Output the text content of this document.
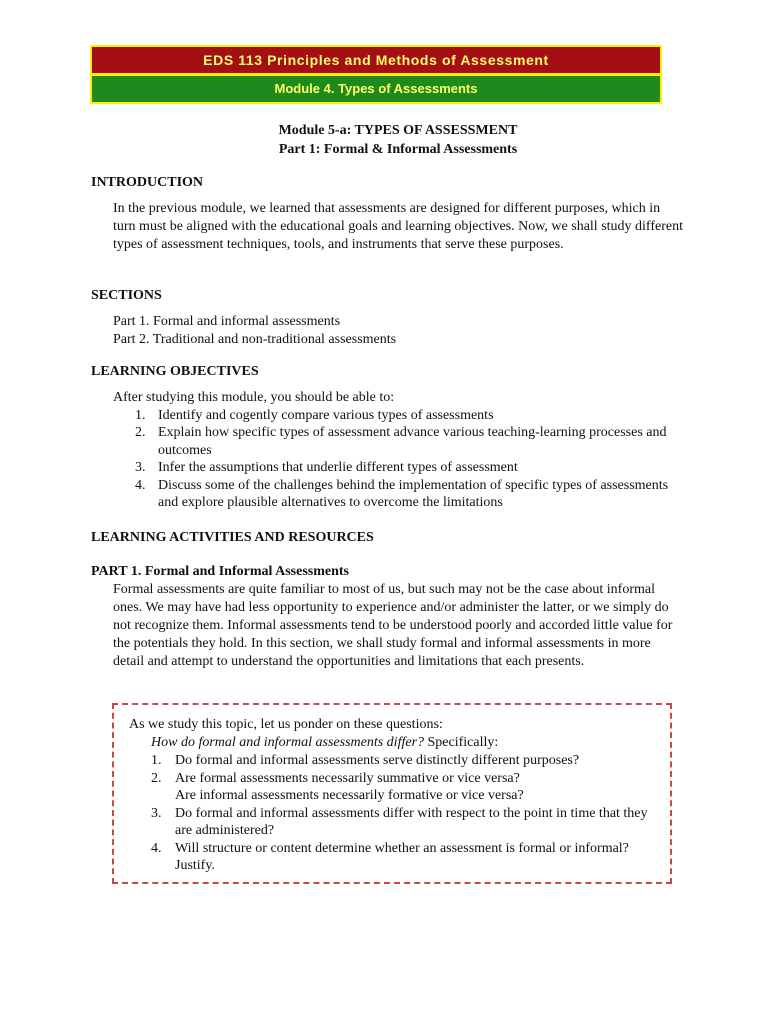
EDS 113 Principles and Methods of Assessment
Module 4. Types of Assessments
Module 5-a: TYPES OF ASSESSMENT
Part 1: Formal & Informal Assessments
INTRODUCTION
In the previous module, we learned that assessments are designed for different purposes, which in turn must be aligned with the educational goals and learning objectives. Now, we shall study different types of assessment techniques, tools, and instruments that serve these purposes.
SECTIONS
Part 1. Formal and informal assessments
Part 2. Traditional and non-traditional assessments
LEARNING OBJECTIVES
After studying this module, you should be able to:
1. Identify and cogently compare various types of assessments
2. Explain how specific types of assessment advance various teaching-learning processes and outcomes
3. Infer the assumptions that underlie different types of assessment
4. Discuss some of the challenges behind the implementation of specific types of assessments and explore plausible alternatives to overcome the limitations
LEARNING ACTIVITIES AND RESOURCES
PART 1. Formal and Informal Assessments
Formal assessments are quite familiar to most of us, but such may not be the case about informal ones. We may have had less opportunity to experience and/or administer the latter, or we simply do not recognize them. Informal assessments tend to be understood poorly and accorded little value for the potentials they hold. In this section, we shall study formal and informal assessments in more detail and attempt to understand the opportunities and limitations that each presents.
As we study this topic, let us ponder on these questions:
How do formal and informal assessments differ? Specifically:
1. Do formal and informal assessments serve distinctly different purposes?
2. Are formal assessments necessarily summative or vice versa?
Are informal assessments necessarily formative or vice versa?
3. Do formal and informal assessments differ with respect to the point in time that they are administered?
4. Will structure or content determine whether an assessment is formal or informal? Justify.
